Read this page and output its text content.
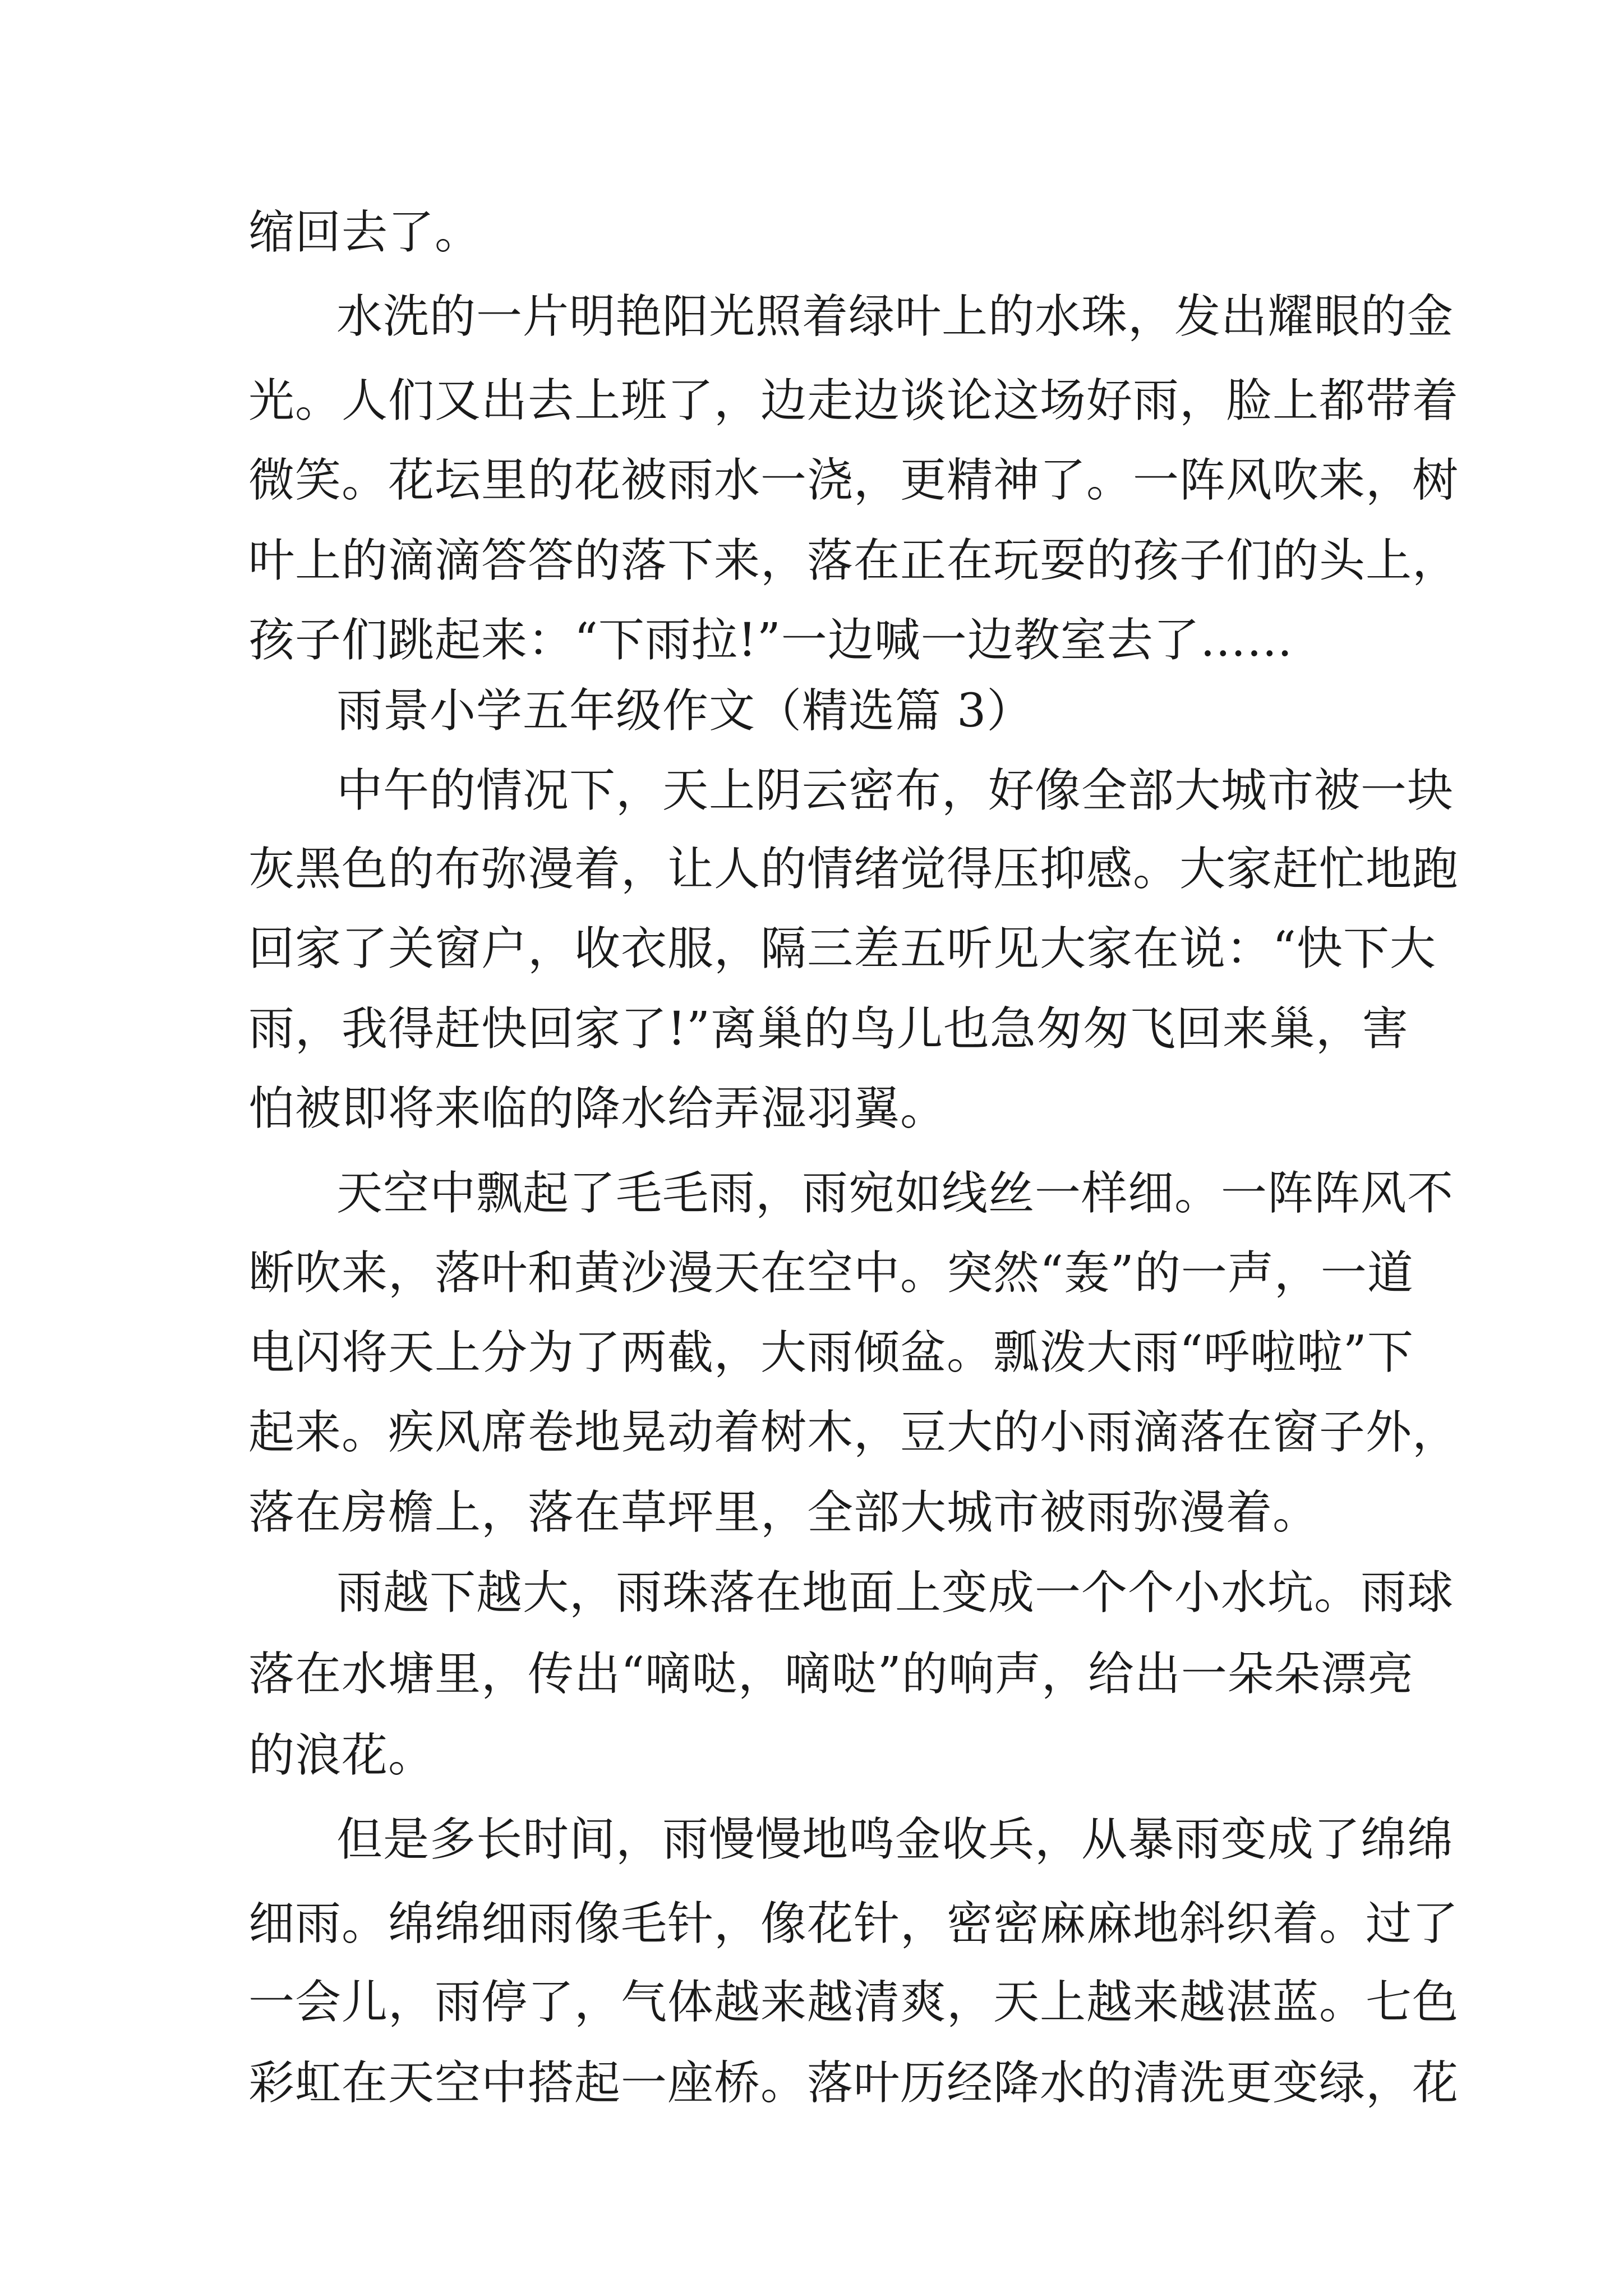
缩回去了。

水洗的一片明艳阳光照着绿叶上的水珠，发出耀眼的金

光。人们又出去上班了，边走边谈论这场好雨，脸上都带着

微笑。花坛里的花被雨水一浇，更精神了。一阵风吹来，树

叶上的滴滴答答的落下来，落在正在玩耍的孩子们的头上，

孩子们跳起来：“下雨拉!”一边喊一边教室去了……

雨景小学五年级作文（精选篇 3）

中午的情况下，天上阴云密布，好像全部大城市被一块

灰黑色的布弥漫着，让人的情绪觉得压抑感。大家赶忙地跑

回家了关窗户，收衣服，隔三差五听见大家在说：“快下大

雨，我得赶快回家了!”离巢的鸟儿也急匆匆飞回来巢，害

怕被即将来临的降水给弄湿羽翼。

天空中飘起了毛毛雨，雨宛如线丝一样细。一阵阵风不

断吹来，落叶和黄沙漫天在空中。突然“轰”的一声，一道

电闪将天上分为了两截，大雨倾盆。瓢泼大雨“呼啦啦”下

起来。疾风席卷地晃动着树木，豆大的小雨滴落在窗子外，

落在房檐上，落在草坪里，全部大城市被雨弥漫着。

雨越下越大，雨珠落在地面上变成一个个小水坑。雨球

落在水塘里，传出“嘀哒，嘀哒”的响声，给出一朵朵漂亮

的浪花。

但是多长时间，雨慢慢地鸣金收兵，从暴雨变成了绵绵

细雨。绵绵细雨像毛针，像花针，密密麻麻地斜织着。过了

一会儿，雨停了，气体越来越清爽，天上越来越湛蓝。七色

彩虹在天空中搭起一座桥。落叶历经降水的清洗更变绿，花
